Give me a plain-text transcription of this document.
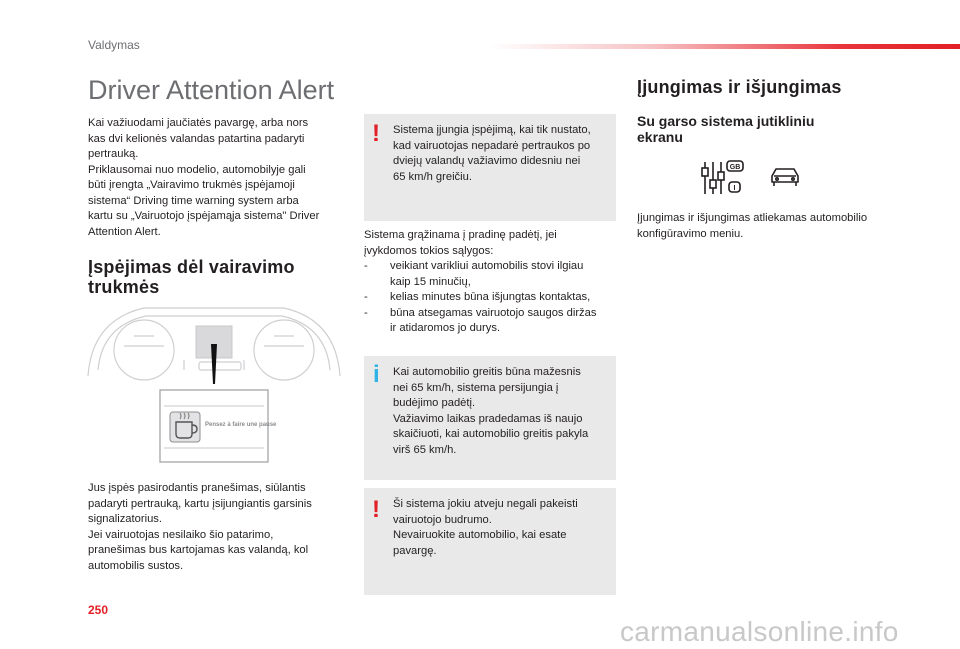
Valdymas
250
carmanualsonline.info
Driver Attention Alert
Kai važiuodami jaučiatės pavargę, arba nors
kas dvi kelionės valandas patartina padaryti
pertrauką.
Priklausomai nuo modelio, automobilyje gali
būti įrengta „Vairavimo trukmės įspėjamoji
sistema“ Driving time warning system arba
kartu su „Vairuotojo įspėjamąja sistema" Driver
Attention Alert.
Įspėjimas dėl vairavimo
trukmės
Pensez à faire une pause
Jus įspės pasirodantis pranešimas, siūlantis
padaryti pertrauką, kartu įsijungiantis garsinis
signalizatorius.
Jei vairuotojas nesilaiko šio patarimo,
pranešimas bus kartojamas kas valandą, kol
automobilis sustos.
! Sistema įjungia įspėjimą, kai tik nustato,
kad vairuotojas nepadarė pertraukos po
dviejų valandų važiavimo didesniu nei
65 km/h greičiu.
Sistema grąžinama į pradinę padėtį, jei
įvykdomos tokios sąlygos:
- veikiant varikliui automobilis stovi ilgiau
kaip 15 minučių,
- kelias minutes būna išjungtas kontaktas,
- būna atsegamas vairuotojo saugos diržas
ir atidaromos jo durys.
i Kai automobilio greitis būna mažesnis
nei 65 km/h, sistema persijungia į
budėjimo padėtį.
Važiavimo laikas pradedamas iš naujo
skaičiuoti, kai automobilio greitis pakyla
virš 65 km/h.
! Ši sistema jokiu atveju negali pakeisti
vairuotojo budrumo.
Nevairuokite automobilio, kai esate
pavargę.
Įjungimas ir išjungimas
Su garso sistema jutikliniu
ekranu
GB
I
Įjungimas ir išjungimas atliekamas automobilio
konfigūravimo meniu.
